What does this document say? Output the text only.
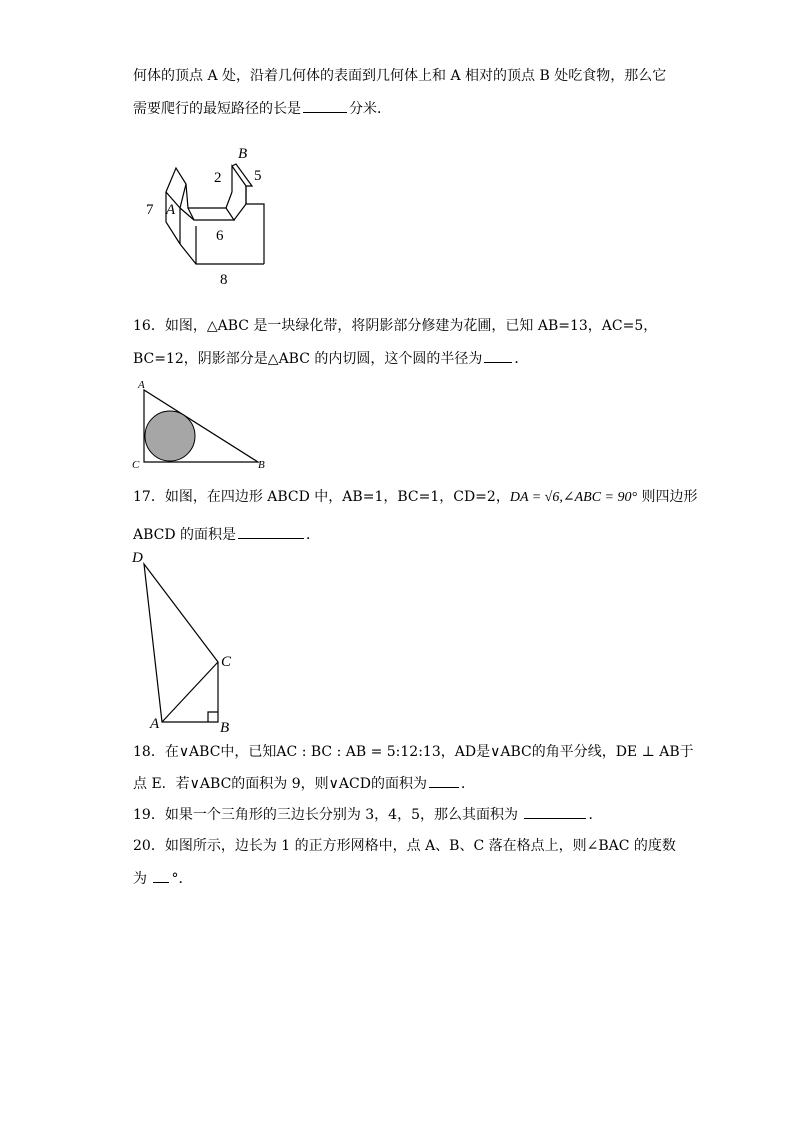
何体的顶点 A 处，沿着几何体的表面到几何体上和 A 相对的顶点 B 处吃食物，那么它
需要爬行的最短路径的长是	分米．
B
2 5
7 A
6
8
16．如图，△ABC 是一块绿化带，将阴影部分修建为花圃，已知 AB=13，AC=5，
BC=12，阴影部分是△ABC 的内切圆，这个圆的半径为 ．
A
C	B
17．如图，在四边形 ABCD 中，AB=1，BC=1，CD=2，DA = √6,∠ABC = 90° 则四边形
ABCD 的面积是	．
D
C
A	B
18．在∨ABC中，已知AC : BC : AB = 5:12:13，AD是∨ABC的角平分线，DE ⊥ AB于
点 E．若∨ABC的面积为 9，则∨ACD的面积为 ．
19．如果一个三角形的三边长分别为 3，4，5，那么其面积为	．
20．如图所示，边长为 1 的正方形网格中，点 A、B、C 落在格点上，则∠BAC 的度数
为 °．
